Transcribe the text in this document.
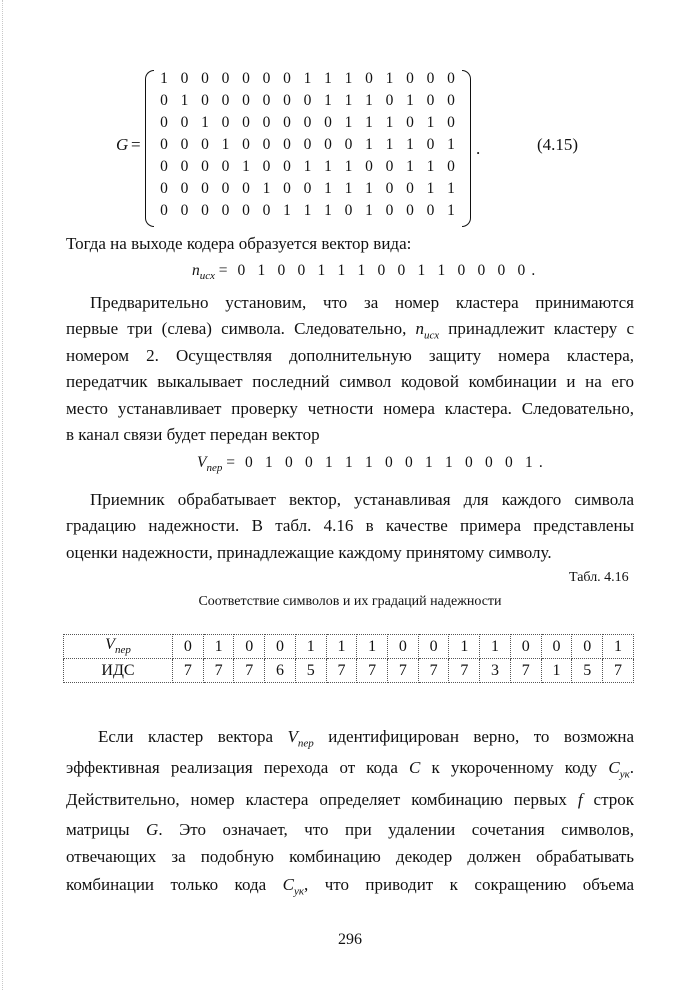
G =
1 0 0 0 0 0 0 1 1 1 0 1 0 0 0
0 1 0 0 0 0 0 0 1 1 1 0 1 0 0
0 0 1 0 0 0 0 0 0 1 1 1 0 1 0
0 0 0 1 0 0 0 0 0 0 1 1 1 0 1
0 0 0 0 1 0 0 1 1 1 0 0 1 1 0
0 0 0 0 0 1 0 0 1 1 1 0 0 1 1
0 0 0 0 0 0 1 1 1 0 1 0 0 0 1
.	(4.15)
Тогда на выходе кодера образуется вектор вида:
$n_{исх} = 0$ 1 0 0 1 1 1 0 0 1 1 0 0 0 0 .
Предварительно установим, что за номер кластера принимаются
первые три (слева) символа. Следовательно, $n_{исх}$ принадлежит кластеру с
номером 2. Осуществляя дополнительную защиту номера кластера,
передатчик выкалывает последний символ кодовой комбинации и на его
место устанавливает проверку четности номера кластера. Следовательно,
в канал связи будет передан вектор
$V_{пер} = 0$ 1 0 0 1 1 1 0 0 1 1 0 0 0 1 .
Приемник обрабатывает вектор, устанавливая для каждого символа
градацию надежности. В табл. 4.16 в качестве примера представлены
оценки надежности, принадлежащие каждому принятому символу.
Табл. 4.16
Соответствие символов и их градаций надежности
$V_{пер}$	0	1	0	0	1	1	1	0	0	1	1	0	0	0	1
ИДС	7	7	7	6	5	7	7	7	7	7	3	7	1	5	7
Если кластер вектора $V_{пер}$ идентифицирован верно, то возможна
эффективная реализация перехода от кода C к укороченному коду $C_{ук}$.
Действительно, номер кластера определяет комбинацию первых f строк
матрицы G. Это означает, что при удалении сочетания символов,
отвечающих за подобную комбинацию декодер должен обрабатывать
комбинации только кода $C_{ук}$, что приводит к сокращению объема
296
